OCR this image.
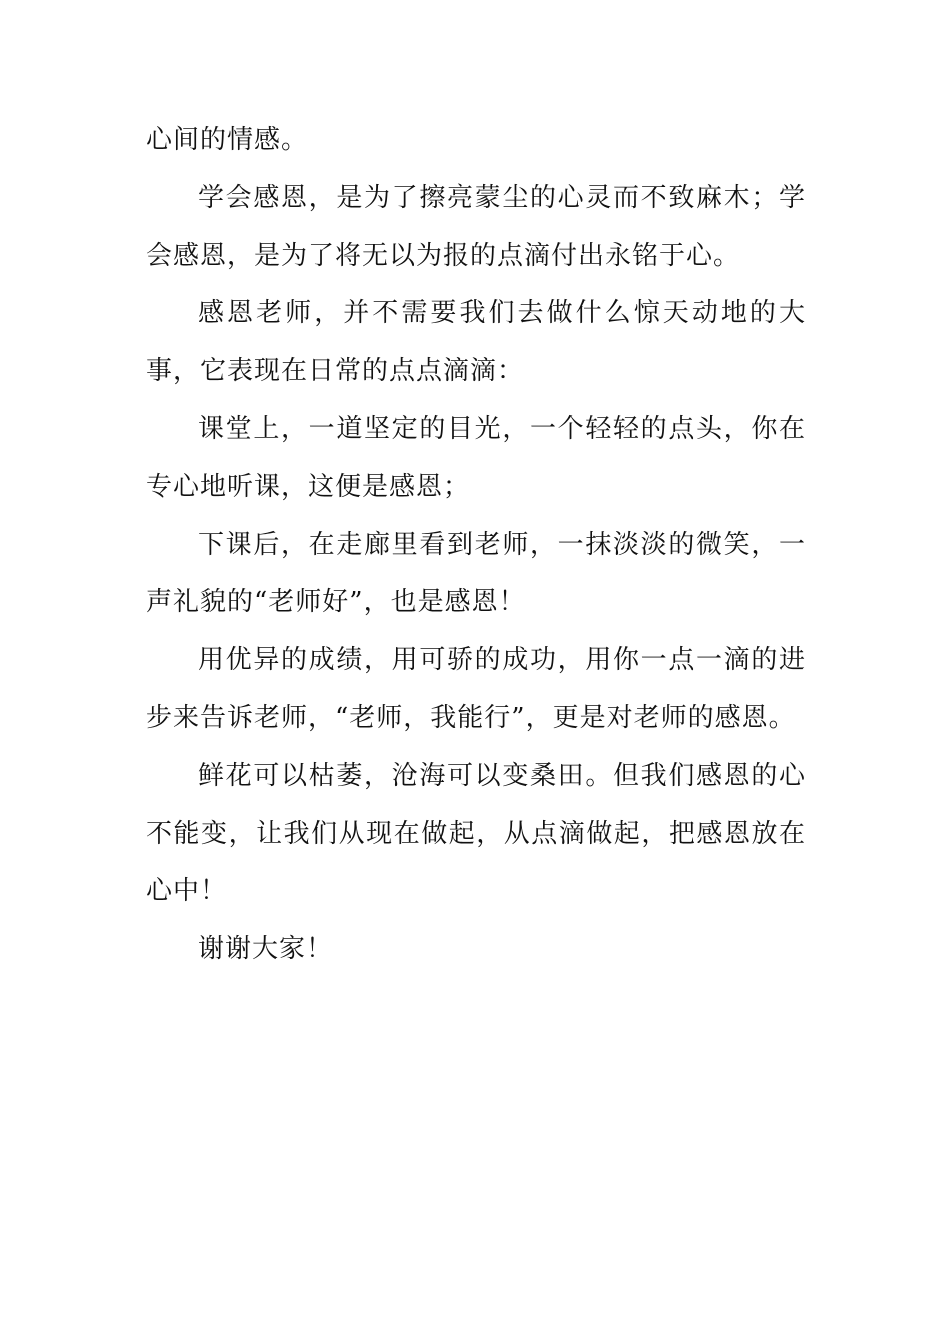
心间的情感。

学会感恩，是为了擦亮蒙尘的心灵而不致麻木；学会感恩，是为了将无以为报的点滴付出永铭于心。

感恩老师，并不需要我们去做什么惊天动地的大事，它表现在日常的点点滴滴：

课堂上，一道坚定的目光，一个轻轻的点头，你在专心地听课，这便是感恩；

下课后，在走廊里看到老师，一抹淡淡的微笑，一声礼貌的“老师好”，也是感恩！

用优异的成绩，用可骄的成功，用你一点一滴的进步来告诉老师，“老师，我能行”，更是对老师的感恩。

鲜花可以枯萎，沧海可以变桑田。但我们感恩的心不能变，让我们从现在做起，从点滴做起，把感恩放在心中！

谢谢大家！
